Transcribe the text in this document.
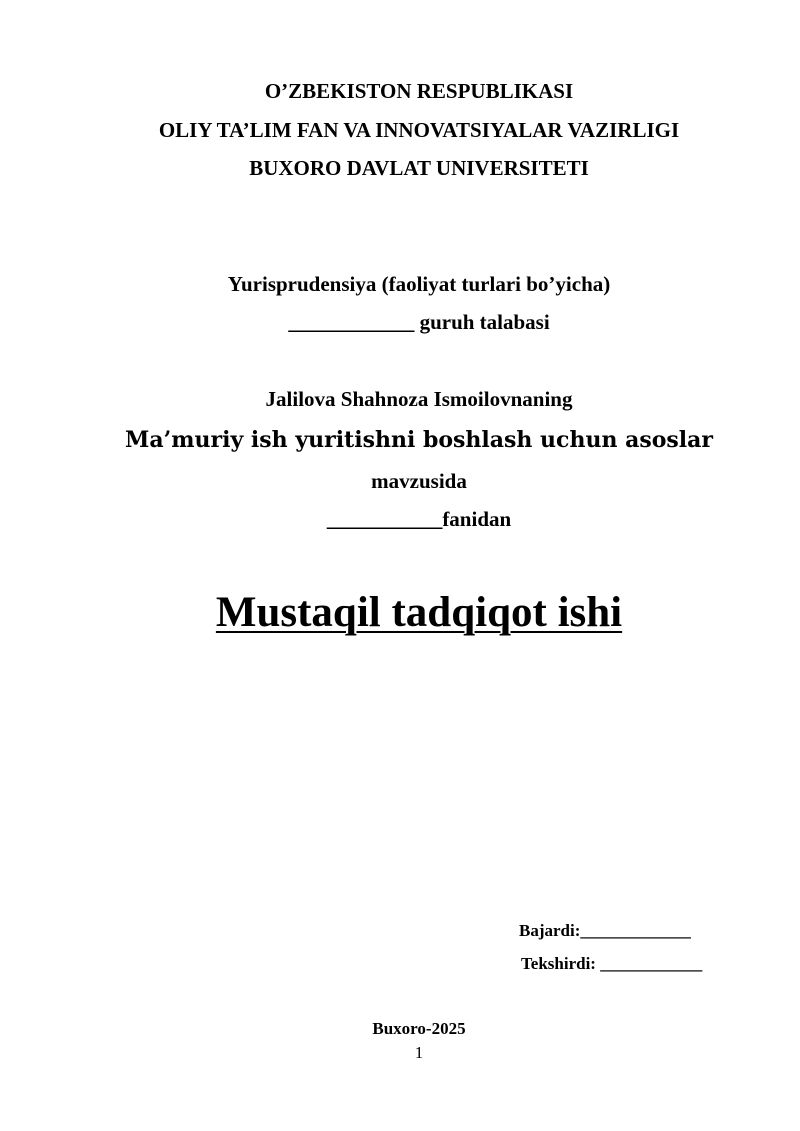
O’ZBEKISTON RESPUBLIKASI
OLIY TA’LIM FAN VA INNOVATSIYALAR VAZIRLIGI
BUXORO DAVLAT UNIVERSITETI
Yurisprudensiya (faoliyat turlari bo’yicha)
____________ guruh talabasi
Jalilova Shahnoza Ismoilovnaning
Ma’muriy ish yuritishni boshlash uchun asoslar
mavzusida
___________fanidan
Mustaqil tadqiqot ishi
Bajardi:_____________
Tekshirdi: ____________
Buxoro-2025
1
